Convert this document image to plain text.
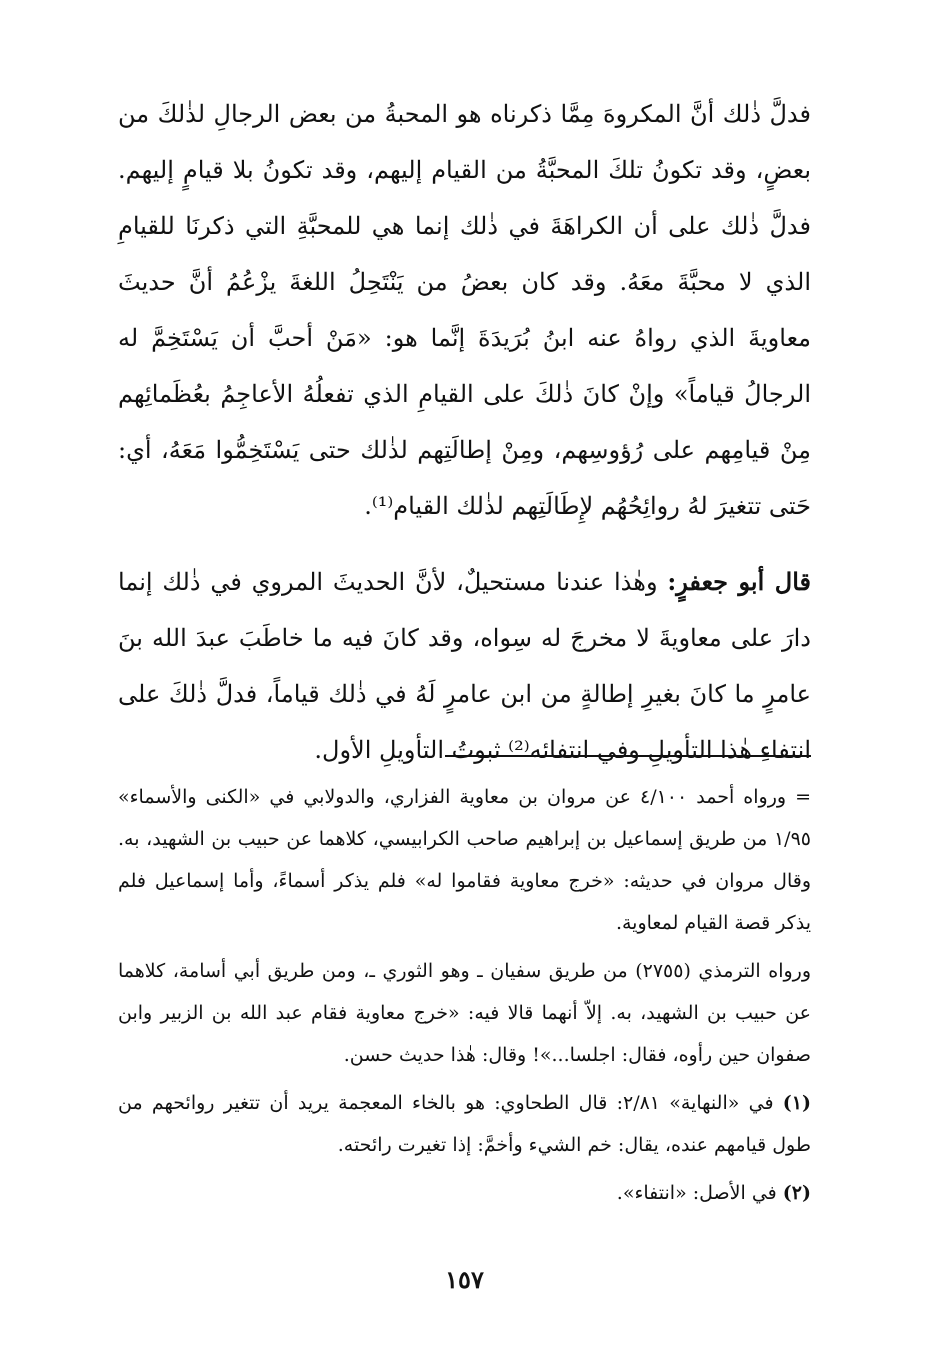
فدلَّ ذٰلك أنَّ المكروهَ مِمَّا ذكرناه هو المحبةُ من بعض الرجالِ لذٰلكَ من بعضٍ، وقد تكونُ تلكَ المحبَّةُ من القيام إليهم، وقد تكونُ بلا قيامٍ إليهم. فدلَّ ذٰلك على أن الكراهَةَ في ذٰلك إنما هي للمحبَّةِ التي ذكرنَا للقيامِ الذي لا محبَّةَ معَهُ. وقد كان بعضُ من يَنْتَحِلُ اللغةَ يزْعُمُ أنَّ حديثَ معاويةَ الذي رواهُ عنه ابنُ بُرَيدَةَ إنَّما هو: «مَنْ أحبَّ أن يَسْتَخِمَّ له الرجالُ قياماً» وإنْ كانَ ذٰلكَ على القيامِ الذي تفعلُهُ الأعاجِمُ بعُظَمائِهم مِنْ قيامِهم على رُؤوسِهم، ومِنْ إطالَتِهم لذٰلك حتى يَسْتَخِمُّوا مَعَهُ، أي: حَتى تتغيرَ لهُ روائِحُهُم لإِطَالَتِهم لذٰلك القيام⁽¹⁾.

قال أبو جعفرٍ: وهٰذا عندنا مستحيلٌ، لأنَّ الحديثَ المروي في ذٰلك إنما دارَ على معاويةَ لا مخرجَ له سِواه، وقد كانَ فيه ما خاطَبَ عبدَ الله بنَ عامرٍ ما كانَ بغيرِ إطالةٍ من ابن عامرٍ لَهُ في ذٰلك قياماً، فدلَّ ذٰلكَ على انتفاءِ هٰذا التأويلِ وفي انتفائه⁽²⁾ ثبوتُ التأويلِ الأول.

= ورواه أحمد ٤/١٠٠ عن مروان بن معاوية الفزاري، والدولابي في «الكنى والأسماء» ١/٩٥ من طريق إسماعيل بن إبراهيم صاحب الكرابيسي، كلاهما عن حبيب بن الشهيد، به. وقال مروان في حديثه: «خرج معاوية فقاموا له» فلم يذكر أسماءً، وأما إسماعيل فلم يذكر قصة القيام لمعاوية.

ورواه الترمذي (٢٧٥٥) من طريق سفيان ـ وهو الثوري ـ، ومن طريق أبي أسامة، كلاهما عن حبيب بن الشهيد، به. إلاّ أنهما قالا فيه: «خرج معاوية فقام عبد الله بن الزبير وابن صفوان حين رأوه، فقال: اجلسا...»! وقال: هٰذا حديث حسن.

(١) في «النهاية» ٢/٨١: قال الطحاوي: هو بالخاء المعجمة يريد أن تتغير روائحهم من طول قيامهم عنده، يقال: خم الشيء وأخمَّ: إذا تغيرت رائحته.

(٢) في الأصل: «انتفاء».

١٥٧
